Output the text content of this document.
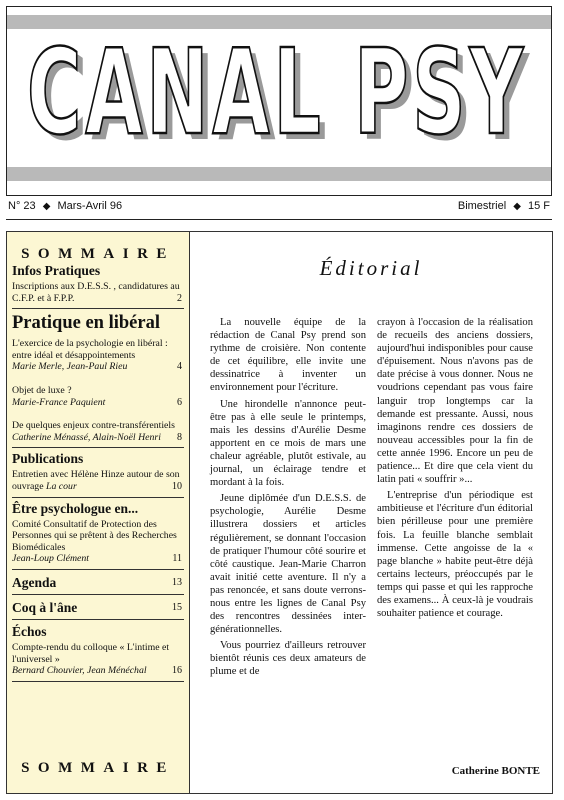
CANAL PSY
CANAL PSY
N° 23 ◆ Mars-Avril 96	Bimestriel ◆ 15 F
SOMMAIRE
Infos Pratiques
Inscriptions aux D.E.S.S. , candidatures au C.F.P. et à F.P.P.	2
Pratique en libéral
L'exercice de la psychologie en libéral : entre idéal et désappointements
Marie Merle, Jean-Paul Rieu	4
Objet de luxe ?
Marie-France Paquient	6
De quelques enjeux contre-transférentiels
Catherine Ménassé, Alain-Noël Henri 8
Publications
Entretien avec Hélène Hinze autour de son ouvrage La cour	10
Être psychologue en...
Comité Consultatif de Protection des Personnes qui se prêtent à des Recherches Biomédicales
Jean-Loup Clément	11
Agenda	13
Coq à l'âne	15
Échos
Compte-rendu du colloque « L'intime et l'universel »
Bernard Chouvier, Jean Ménéchal	16
SOMMAIRE
Éditorial

La nouvelle équipe de la rédaction de Canal Psy prend son rythme de croisière. Non contente de cet équilibre, elle invite une dessinatrice à inventer un environnement pour l'écriture.

Une hirondelle n'annonce peut-être pas à elle seule le printemps, mais les dessins d'Aurélie Desme apportent en ce mois de mars une chaleur agréable, plutôt estivale, au journal, un éclairage tendre et mordant à la fois.

Jeune diplômée d'un D.E.S.S. de psychologie, Aurélie Desme illustrera dossiers et articles régulièrement, se donnant l'occasion de pratiquer l'humour côté sourire et côté caustique. Jean-Marie Charron avait initié cette aventure. Il n'y a pas renoncée, et sans doute verrons-nous entre les lignes de Canal Psy des rencontres dessinées inter-générationnelles.

Vous pourriez d'ailleurs retrouver bientôt réunis ces deux amateurs de plume et de

crayon à l'occasion de la réalisation de recueils des anciens dossiers, aujourd'hui indisponibles pour cause d'épuisement. Nous n'avons pas de date précise à vous donner. Nous ne voudrions cependant pas vous faire languir trop longtemps car la demande est pressante. Aussi, nous imaginons rendre ces dossiers de nouveau accessibles pour la fin de cette année 1996. Encore un peu de patience... Et dire que cela vient du latin pati « souffrir »...

L'entreprise d'un périodique est ambitieuse et l'écriture d'un éditorial bien périlleuse pour une première fois. La feuille blanche semblait immense. Cette angoisse de la « page blanche » habite peut-être déjà certains lecteurs, préoccupés par le temps qui passe et qui les rapproche des examens... À ceux-là je voudrais souhaiter patience et courage.

Catherine BONTE
